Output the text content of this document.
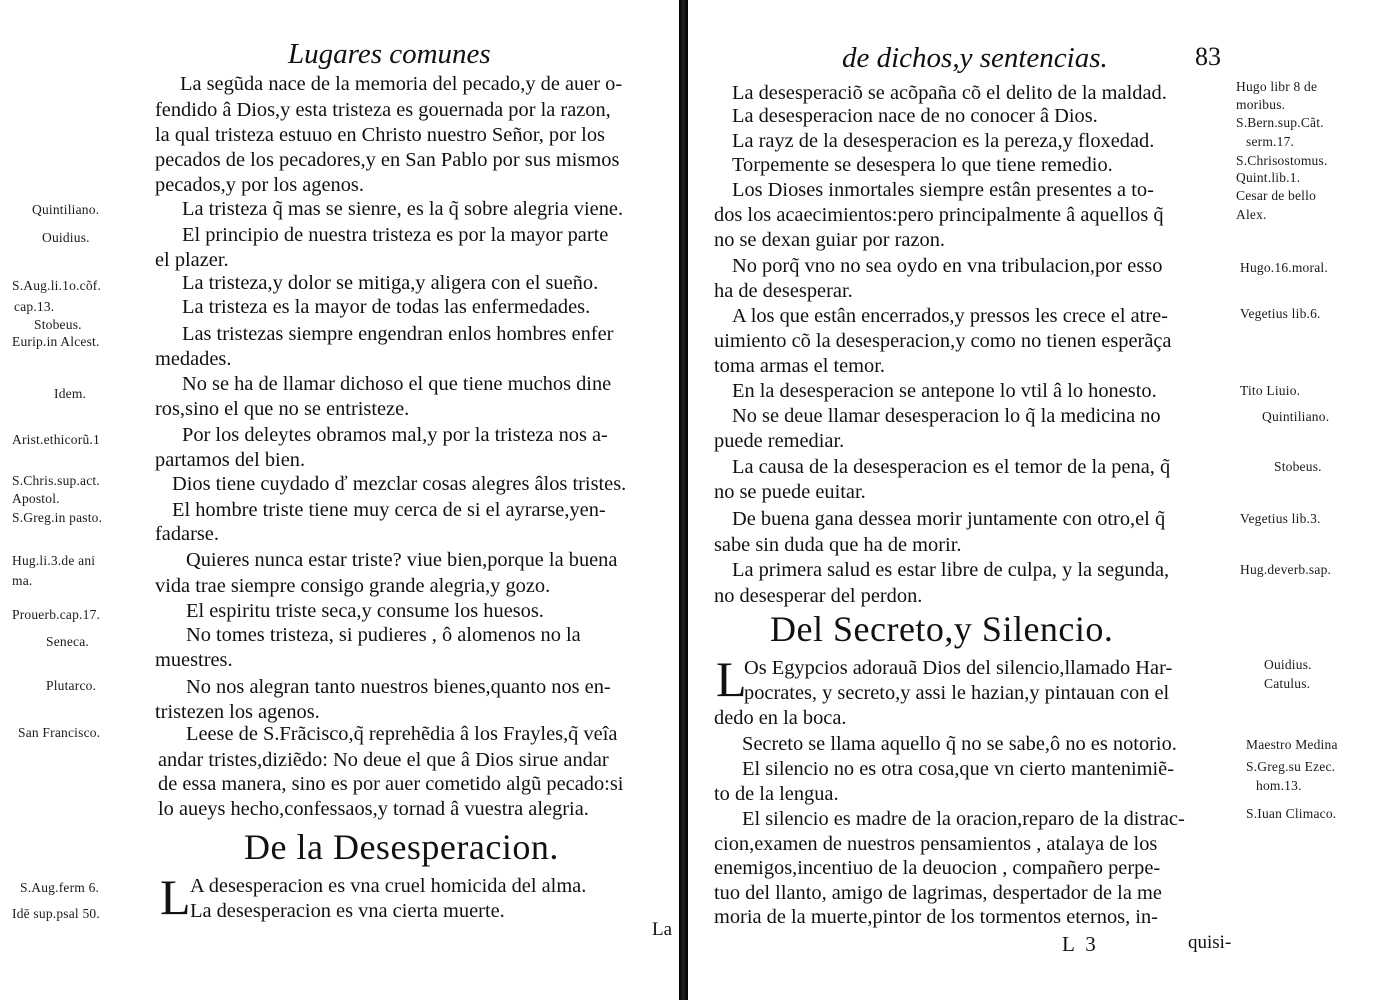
Lugares comunes
Quintiliano.
Ouidius.
S.Aug.li.1o.cõf.
cap.13.
Stobeus.
Eurip.in Alcest.
Idem.
Arist.ethicorũ.1
S.Chris.sup.act.
Apostol.
S.Greg.in pasto.
Hug.li.3.de ani
ma.
Prouerb.cap.17.
Seneca.
Plutarco.
San Francisco.
La segũda nace de la memoria del pecado,y de auer o-
fendido â Dios,y esta tristeza es gouernada por la razon,
la qual tristeza estuuo en Christo nuestro Señor, por los
pecados de los pecadores,y en San Pablo por sus mismos
pecados,y por los agenos.
La tristeza q̃ mas se sienre, es la q̃ sobre alegria viene.
El principio de nuestra tristeza es por la mayor parte
el plazer.
La tristeza,y dolor se mitiga,y aligera con el sueño.
La tristeza es la mayor de todas las enfermedades.
Las tristezas siempre engendran enlos hombres enfer
medades.
No se ha de llamar dichoso el que tiene muchos dine
ros,sino el que no se entristeze.
Por los deleytes obramos mal,y por la tristeza nos a-
partamos del bien.
Dios tiene cuydado ď mezclar cosas alegres âlos tristes.
El hombre triste tiene muy cerca de si el ayrarse,yen-
fadarse.
Quieres nunca estar triste? viue bien,porque la buena
vida trae siempre consigo grande alegria,y gozo.
El espiritu triste seca,y consume los huesos.
No tomes tristeza, si pudieres , ô alomenos no la
muestres.
No nos alegran tanto nuestros bienes,quanto nos en-
tristezen los agenos.
Leese de S.Frãcisco,q̃ reprehẽdia â los Frayles,q̃ veîa
andar tristes,diziẽdo: No deue el que â Dios sirue andar
de essa manera, sino es por auer cometido algũ pecado:si
lo aueys hecho,confessaos,y tornad â vuestra alegria.
De la Desesperacion.
L A desesperacion es vna cruel homicida del alma.
La desesperacion es vna cierta muerte.
S.Aug.ferm 6.
Idē sup.psal 50.
La
de dichos,y sentencias.	83
La desesperaciõ se acõpaña cõ el delito de la maldad.
La desesperacion nace de no conocer â Dios.
La rayz de la desesperacion es la pereza,y floxedad.
Torpemente se desespera lo que tiene remedio.
Los Dioses inmortales siempre estân presentes a to-
dos los acaecimientos:pero principalmente â aquellos q̃
no se dexan guiar por razon.
No porq̃ vno no sea oydo en vna tribulacion,por esso
ha de desesperar.
A los que estân encerrados,y pressos les crece el atre-
uimiento cõ la desesperacion,y como no tienen esperãça
toma armas el temor.
En la desesperacion se antepone lo vtil â lo honesto.
No se deue llamar desesperacion lo q̃ la medicina no
puede remediar.
La causa de la desesperacion es el temor de la pena, q̃
no se puede euitar.
De buena gana dessea morir juntamente con otro,el q̃
sabe sin duda que ha de morir.
La primera salud es estar libre de culpa, y la segunda,
no desesperar del perdon.
Hugo libr 8 de
moribus.
S.Bern.sup.Cãt.
serm.17.
S.Chrisostomus.
Quint.lib.1.
Cesar de bello
Alex.
Hugo.16.moral.
Vegetius lib.6.
Tito Liuio.
Quintiliano.
Stobeus.
Vegetius lib.3.
Hug.deverb.sap.
Del Secreto,y Silencio.
L
Os Egypcios adorauã Dios del silencio,llamado Har-
pocrates, y secreto,y assi le hazian,y pintauan con el
dedo en la boca.
Secreto se llama aquello q̃ no se sabe,ô no es notorio.
El silencio no es otra cosa,que vn cierto mantenimiẽ-
to de la lengua.
El silencio es madre de la oracion,reparo de la distrac-
cion,examen de nuestros pensamientos , atalaya de los
enemigos,incentiuo de la deuocion , compañero perpe-
tuo del llanto, amigo de lagrimas, despertador de la me
moria de la muerte,pintor de los tormentos eternos, in-
quisi-
Ouidius.
Catulus.
Maestro Medina
S.Greg.su Ezec.
hom.13.
S.Iuan Climaco.
L 3
